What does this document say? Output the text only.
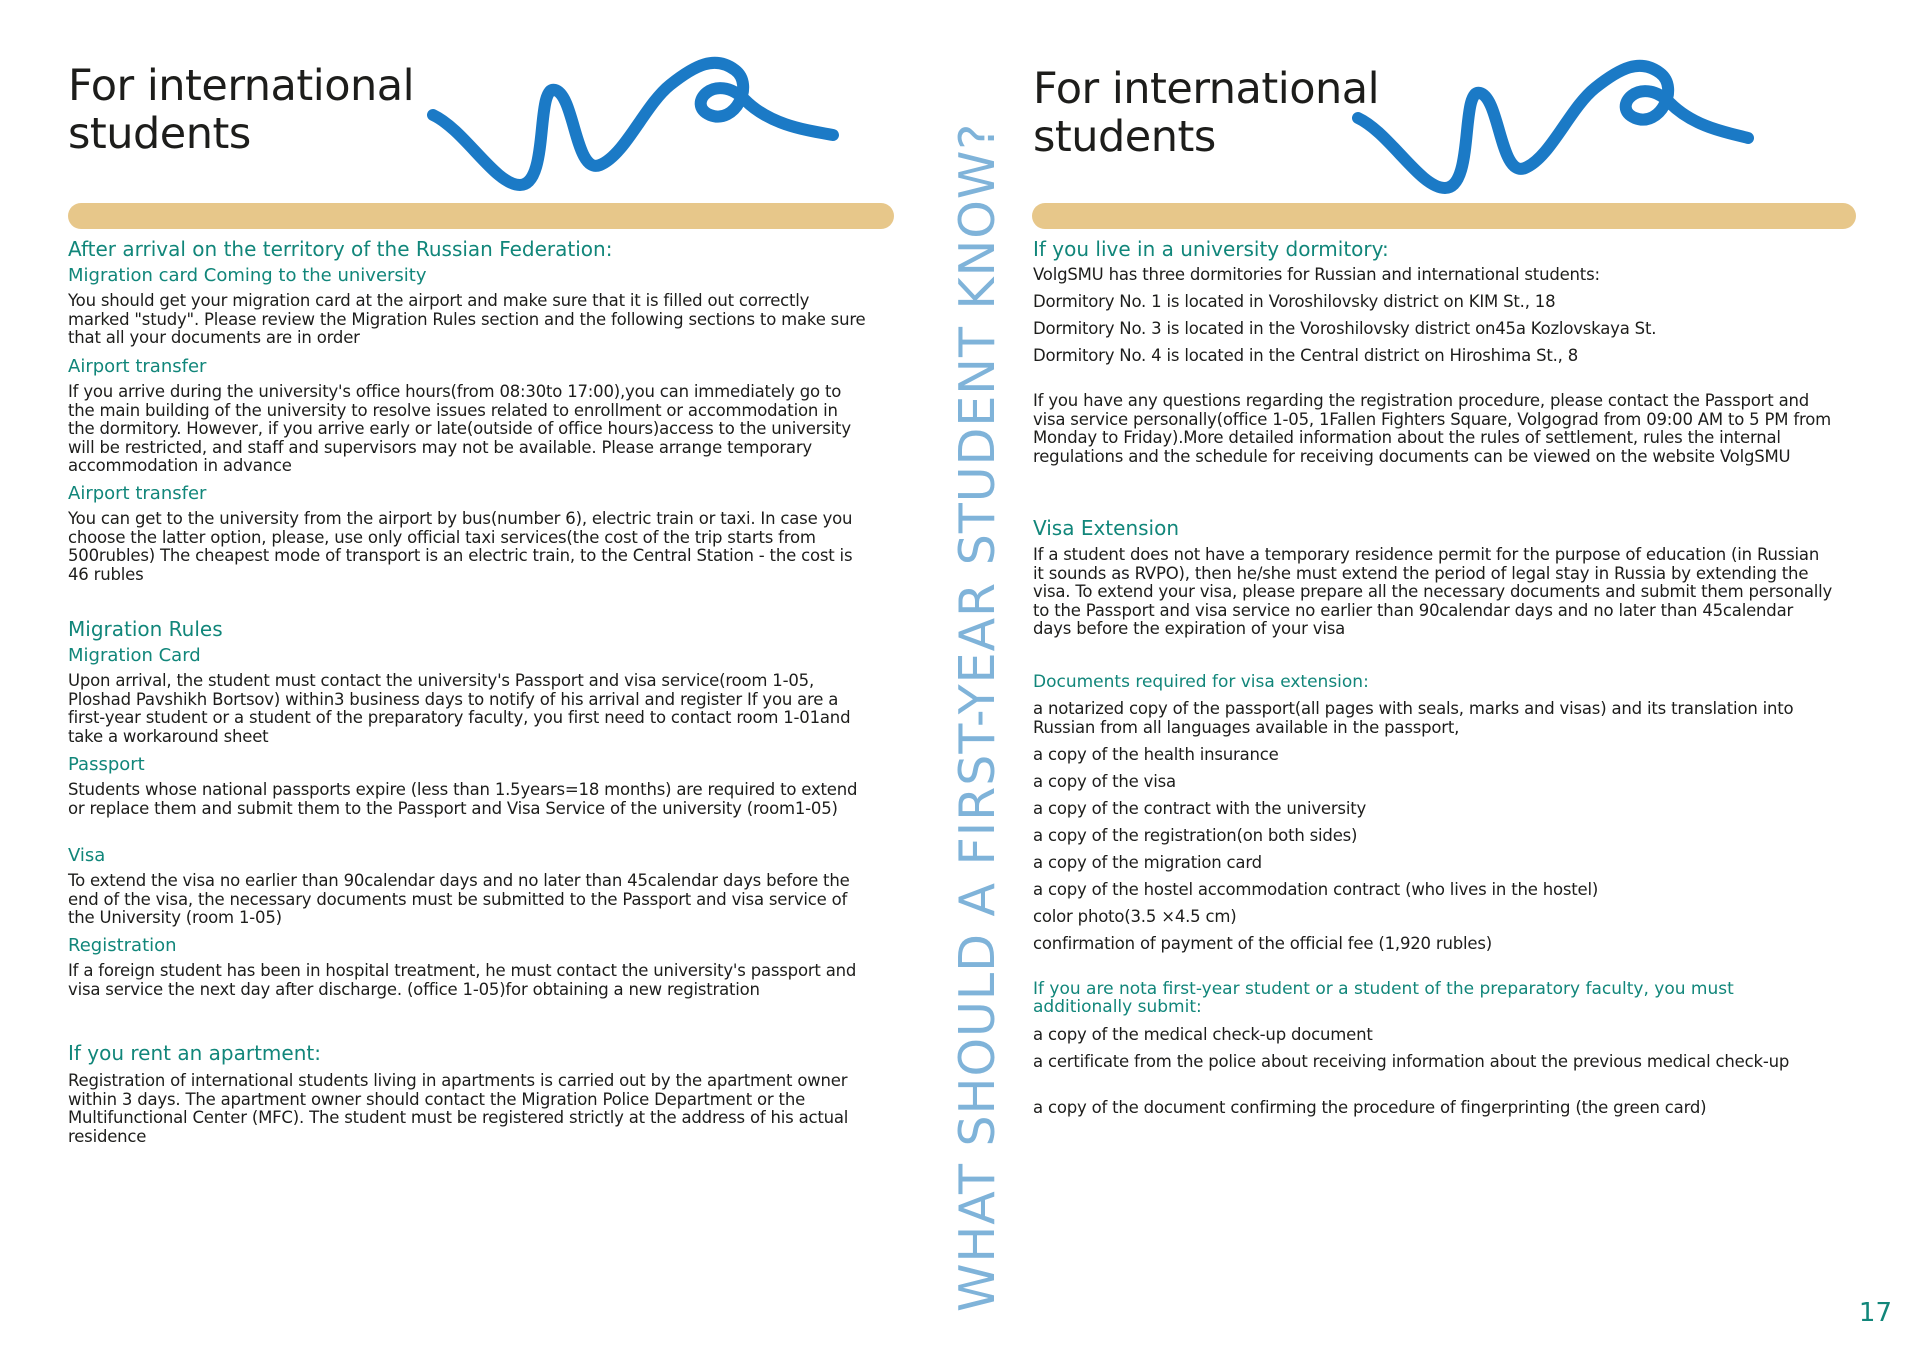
For international
students

After arrival on the territory of the Russian Federation:

Migration card Coming to the university

You should get your migration card at the airport and make sure that it is filled out correctly marked "study". Please review the Migration Rules section and the following sections to make sure that all your documents are in order

Airport transfer

If you arrive during the university's office hours(from 08:30to 17:00),you can immediately go to the main building of the university to resolve issues related to enrollment or accommodation in the dormitory. However, if you arrive early or late(outside of office hours)access to the university will be restricted, and staff and supervisors may not be available. Please arrange temporary accommodation in advance

Airport transfer

You can get to the university from the airport by bus(number 6), electric train or taxi. In case you choose the latter option, please, use only official taxi services(the cost of the trip starts from 500rubles) The cheapest mode of transport is an electric train, to the Central Station - the cost is 46 rubles

Migration Rules

Migration Card

Upon arrival, the student must contact the university's Passport and visa service(room 1-05, Ploshad Pavshikh Bortsov) within3 business days to notify of his arrival and register If you are a first-year student or a student of the preparatory faculty, you first need to contact room 1-01and take a workaround sheet

Passport

Students whose national passports expire (less than 1.5years=18 months) are required to extend or replace them and submit them to the Passport and Visa Service of the university (room1-05)

Visa

To extend the visa no earlier than 90calendar days and no later than 45calendar days before the end of the visa, the necessary documents must be submitted to the Passport and visa service of the University (room 1-05)

Registration

If a foreign student has been in hospital treatment, he must contact the university's passport and visa service the next day after discharge. (office 1-05)for obtaining a new registration

If you rent an apartment:

Registration of international students living in apartments is carried out by the apartment owner within 3 days. The apartment owner should contact the Migration Police Department or the Multifunctional Center (MFC). The student must be registered strictly at the address of his actual residence	WHAT SHOULD A FIRST-YEAR STUDENT KNOW?
For international
students

If you live in a university dormitory:

VolgSMU has three dormitories for Russian and international students:

Dormitory No. 1 is located in Voroshilovsky district on KIM St., 18

Dormitory No. 3 is located in the Voroshilovsky district on45a Kozlovskaya St.

Dormitory No. 4 is located in the Central district on Hiroshima St., 8

If you have any questions regarding the registration procedure, please contact the Passport and visa service personally(office 1-05, 1Fallen Fighters Square, Volgograd from 09:00 AM to 5 PM from Monday to Friday).More detailed information about the rules of settlement, rules the internal regulations and the schedule for receiving documents can be viewed on the website VolgSMU

Visa Extension

If a student does not have a temporary residence permit for the purpose of education (in Russian it sounds as RVPO), then he/she must extend the period of legal stay in Russia by extending the visa. To extend your visa, please prepare all the necessary documents and submit them personally to the Passport and visa service no earlier than 90calendar days and no later than 45calendar days before the expiration of your visa

Documents required for visa extension:

a notarized copy of the passport(all pages with seals, marks and visas) and its translation into Russian from all languages available in the passport,

a copy of the health insurance

a copy of the visa

a copy of the contract with the university

a copy of the registration(on both sides)

a copy of the migration card

a copy of the hostel accommodation contract (who lives in the hostel)

color photo(3.5 ×4.5 cm)

confirmation of payment of the official fee (1,920 rubles)

If you are nota first-year student or a student of the preparatory faculty, you must additionally submit:

a copy of the medical check-up document

a certificate from the police about receiving information about the previous medical check-up

a copy of the document confirming the procedure of fingerprinting (the green card)

17
